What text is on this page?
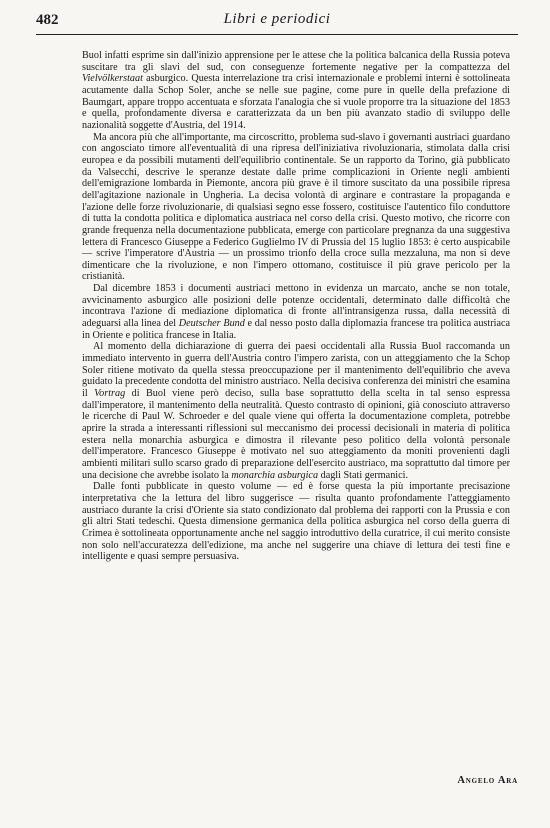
482	Libri e periodici

Buol infatti esprime sin dall'inizio apprensione per le attese che la politica balcanica della Russia poteva suscitare tra gli slavi del sud, con conseguenze fortemente negative per la compattezza del Vielvölkerstaat asburgico. Questa interrelazione tra crisi internazionale e problemi interni è sottolineata acutamente dalla Schop Soler, anche se nelle sue pagine, come pure in quelle della prefazione di Baumgart, appare troppo accentuata e sforzata l'analogia che si vuole proporre tra la situazione del 1853 e quella, profondamente diversa e caratterizzata da un ben più avanzato stadio di sviluppo delle nazionalità soggette d'Austria, del 1914.

Ma ancora più che all'importante, ma circoscritto, problema sud-slavo i governanti austriaci guardano con angosciato timore all'eventualità di una ripresa dell'iniziativa rivoluzionaria, stimolata dalla crisi europea e da possibili mutamenti dell'equilibrio continentale. Se un rapporto da Torino, già pubblicato da Valsecchi, descrive le speranze destate dalle prime complicazioni in Oriente negli ambienti dell'emigrazione lombarda in Piemonte, ancora più grave è il timore suscitato da una possibile ripresa dell'agitazione nazionale in Ungheria. La decisa volontà di arginare e contrastare la propaganda e l'azione delle forze rivoluzionarie, di qualsiasi segno esse fossero, costituisce l'autentico filo conduttore di tutta la condotta politica e diplomatica austriaca nel corso della crisi. Questo motivo, che ricorre con grande frequenza nella documentazione pubblicata, emerge con particolare pregnanza da una suggestiva lettera di Francesco Giuseppe a Federico Guglielmo IV di Prussia del 15 luglio 1853: è certo auspicabile — scrive l'imperatore d'Austria — un prossimo trionfo della croce sulla mezzaluna, ma non si deve dimenticare che la rivoluzione, e non l'impero ottomano, costituisce il più grave pericolo per la cristianità.

Dal dicembre 1853 i documenti austriaci mettono in evidenza un marcato, anche se non totale, avvicinamento asburgico alle posizioni delle potenze occidentali, determinato dalle difficoltà che incontrava l'azione di mediazione diplomatica di fronte all'intransigenza russa, dalla necessità di adeguarsi alla linea del Deutscher Bund e dal nesso posto dalla diplomazia francese tra politica austriaca in Oriente e politica francese in Italia.

Al momento della dichiarazione di guerra dei paesi occidentali alla Russia Buol raccomanda un immediato intervento in guerra dell'Austria contro l'impero zarista, con un atteggiamento che la Schop Soler ritiene motivato da quella stessa preoccupazione per il mantenimento dell'equilibrio che aveva guidato la precedente condotta del ministro austriaco. Nella decisiva conferenza dei ministri che esamina il Vortrag di Buol viene però deciso, sulla base soprattutto della scelta in tal senso espressa dall'imperatore, il mantenimento della neutralità. Questo contrasto di opinioni, già conosciuto attraverso le ricerche di Paul W. Schroeder e del quale viene qui offerta la documentazione completa, potrebbe aprire la strada a interessanti riflessioni sul meccanismo dei processi decisionali in materia di politica estera nella monarchia asburgica e dimostra il rilevante peso politico della volontà personale dell'imperatore. Francesco Giuseppe è motivato nel suo atteggiamento da moniti provenienti dagli ambienti militari sullo scarso grado di preparazione dell'esercito austriaco, ma soprattutto dal timore per una decisione che avrebbe isolato la monarchia asburgica dagli Stati germanici.

Dalle fonti pubblicate in questo volume — ed è forse questa la più importante precisazione interpretativa che la lettura del libro suggerisce — risulta quanto profondamente l'atteggiamento austriaco durante la crisi d'Oriente sia stato condizionato dal problema dei rapporti con la Prussia e con gli altri Stati tedeschi. Questa dimensione germanica della politica asburgica nel corso della guerra di Crimea è sottolineata opportunamente anche nel saggio introduttivo della curatrice, il cui merito consiste non solo nell'accuratezza dell'edizione, ma anche nel suggerire una chiave di lettura dei testi fine e intelligente e quasi sempre persuasiva.

Angelo Ara
